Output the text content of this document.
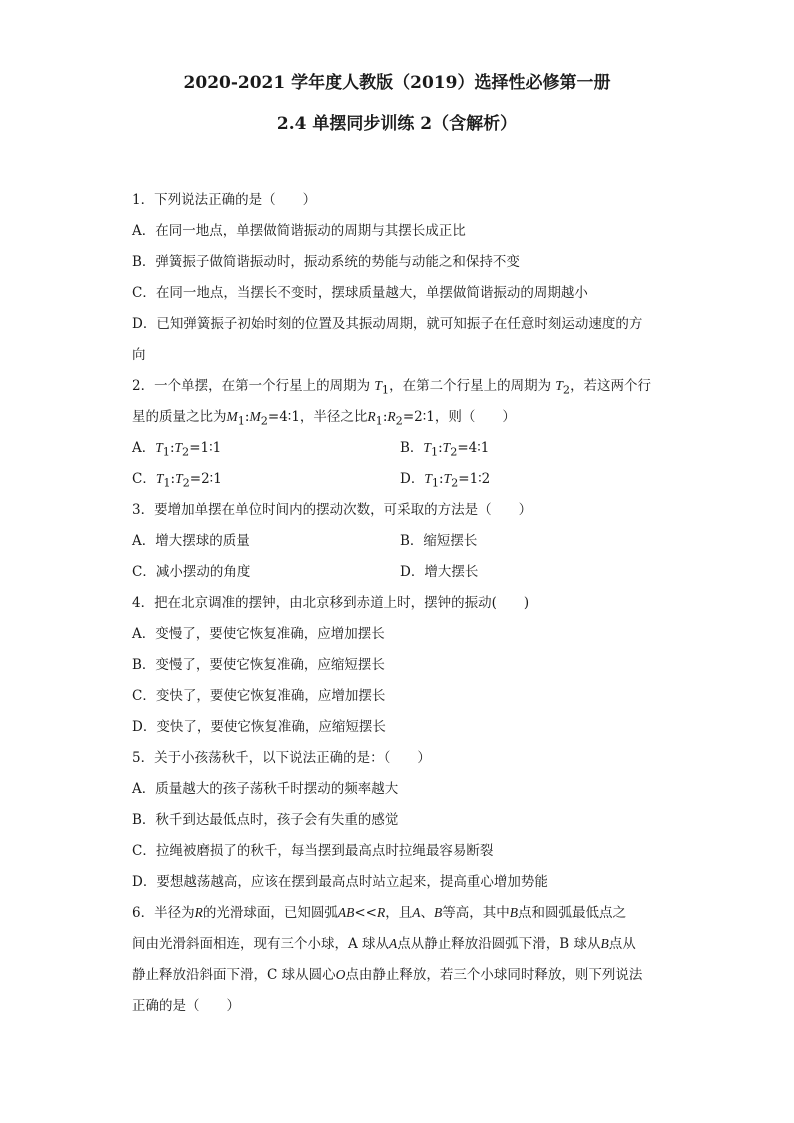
2020-2021 学年度人教版（2019）选择性必修第一册
2.4 单摆同步训练 2（含解析）
1．下列说法正确的是（　　）
A．在同一地点，单摆做简谐振动的周期与其摆长成正比
B．弹簧振子做简谐振动时，振动系统的势能与动能之和保持不变
C．在同一地点，当摆长不变时，摆球质量越大，单摆做简谐振动的周期越小
D．已知弹簧振子初始时刻的位置及其振动周期，就可知振子在任意时刻运动速度的方
向
2．一个单摆，在第一个行星上的周期为 $T_1$，在第二个行星上的周期为 $T_2$，若这两个行
星的质量之比为$M_1:M_2=4∶1$，半径之比$R_1:R_2=2∶1$，则（　　）
A．$T_1:T_2=1∶1$	B．$T_1:T_2=4∶1$
C．$T_1:T_2=2∶1$	D．$T_1:T_2=1∶2$
3．要增加单摆在单位时间内的摆动次数，可采取的方法是（　　）
A．增大摆球的质量	B．缩短摆长
C．减小摆动的角度	D．增大摆长
4．把在北京调准的摆钟，由北京移到赤道上时，摆钟的振动(　　)
A．变慢了，要使它恢复准确，应增加摆长
B．变慢了，要使它恢复准确，应缩短摆长
C．变快了，要使它恢复准确，应增加摆长
D．变快了，要使它恢复准确，应缩短摆长
5．关于小孩荡秋千，以下说法正确的是：（　　）
A．质量越大的孩子荡秋千时摆动的频率越大
B．秋千到达最低点时，孩子会有失重的感觉
C．拉绳被磨损了的秋千，每当摆到最高点时拉绳最容易断裂
D．要想越荡越高，应该在摆到最高点时站立起来，提高重心增加势能
6．半径为R的光滑球面，已知圆弧AB<<R，且A、B等高，其中B点和圆弧最低点之
间由光滑斜面相连，现有三个小球，A 球从A点从静止释放沿圆弧下滑，B 球从B点从
静止释放沿斜面下滑，C 球从圆心O点由静止释放，若三个小球同时释放，则下列说法
正确的是（　　）
